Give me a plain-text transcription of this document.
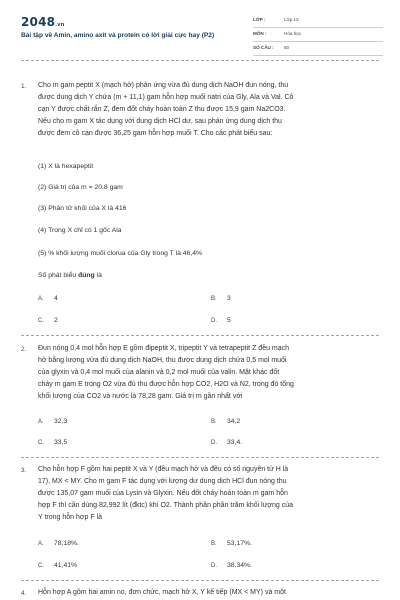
2048.vn
Bài tập về Amin, amino axit và protein có lời giải cực hay (P2)
LỚP :	Lớp 12
MÔN :	Hóa học
SỐ CÂU : 50
1. Cho m gam peptit X (mạch hở) phản ứng vừa đủ dung dịch NaOH đun nóng, thu
được dung dịch Y chứa (m + 11,1) gam hỗn hợp muối natri của Gly, Ala và Val. Cô
cạn Y được chất rắn Z, đem đốt cháy hoàn toàn Z thu được 15,9 gam Na2CO3.
Nếu cho m gam X tác dụng với dung dịch HCl dư, sau phản ứng dung dịch thu
được đem cô cạn được 36,25 gam hỗn hợp muối T. Cho các phát biểu sau:
(1) X là hexapeptit
(2) Giá trị của m = 20,8 gam
(3) Phân tử khối của X là 416
(4) Trong X chỉ có 1 gốc Ala
(5) % khối lượng muối clorua của Gly trong T là 46,4%
Số phát biểu đúng là
A. 4	B. 3
C. 2	D. 5
2. Đun nóng 0,4 mol hỗn hợp E gồm đipeptit X, tripeptit Y và tetrapeptit Z đều mạch
hở bằng lượng vừa đủ dung dịch NaOH, thu được dung dịch chứa 0,5 mol muối
của glyxin và 0,4 mol muối của alanin và 0,2 mol muối của valin. Mặt khác đốt
cháy m gam E trong O2 vừa đủ thu được hỗn hợp CO2, H2O và N2, trong đó tổng
khối lượng của CO2 và nước là 78,28 gam. Giá trị m gần nhất với
A. 32,3	B. 34,2
C. 33,5	D. 33,4.
3. Cho hỗn hợp F gồm hai peptit X và Y (đều mạch hở và đều có số nguyên tử H là
17), MX < MY. Cho m gam F tác dụng với lượng dư dung dịch HCl đun nóng thu
được 135,07 gam muối của Lysin và Glyxin. Nếu đốt cháy hoàn toàn m gam hỗn
hợp F thì cần dùng 82,992 lít (đktc) khí O2. Thành phần phần trăm khối lượng của
Y trong hỗn hợp F là
A. 78,18%.	B. 53,17%.
C. 41,41%	D. 38,34%.
4. Hỗn hợp A gồm hai amin no, đơn chức, mạch hở X, Y kế tiếp (MX < MY) và một
